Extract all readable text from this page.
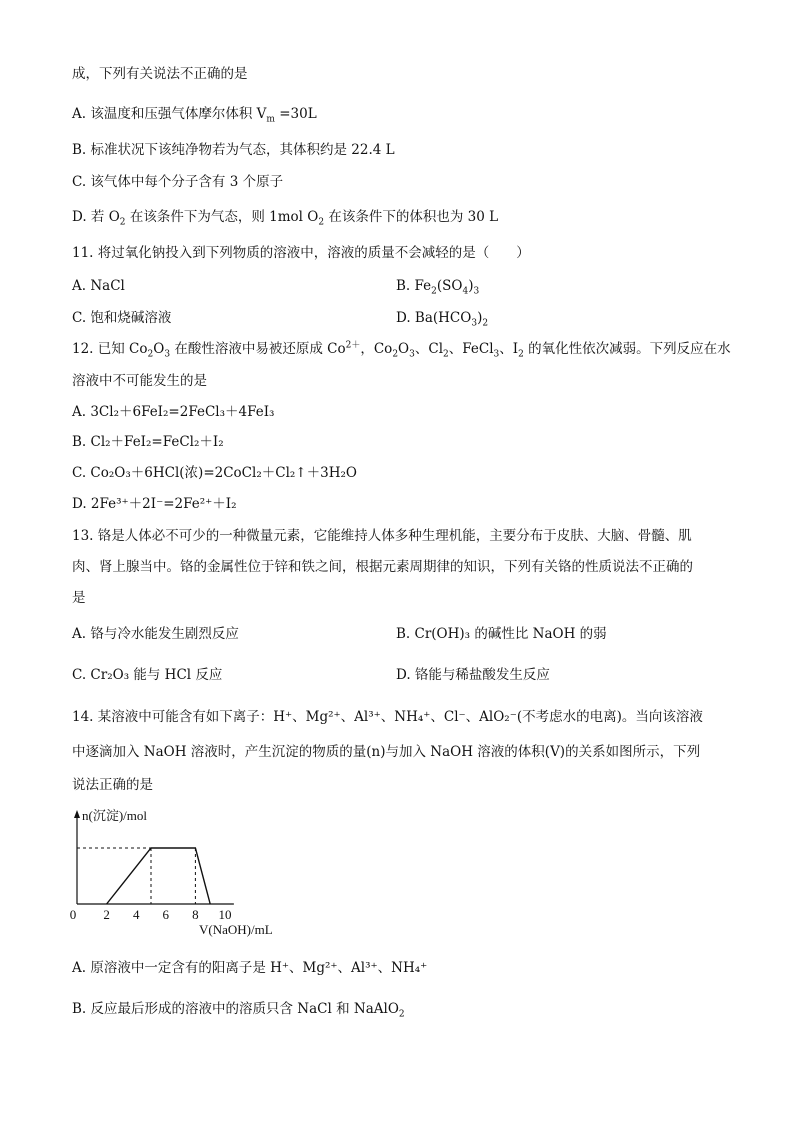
成，下列有关说法不正确的是
A. 该温度和压强气体摩尔体积 $V_m =30L$
B. 标准状况下该纯净物若为气态，其体积约是 22.4 L
C. 该气体中每个分子含有 3 个原子
D. 若 $O_2$ 在该条件下为气态，则 1mol $O_2$ 在该条件下的体积也为 30 L
11. 将过氧化钠投入到下列物质的溶液中，溶液的质量不会减轻的是（　　）
A. NaCl	B. $Fe_2(SO_4)_3$
C. 饱和烧碱溶液	D. $Ba(HCO_3)_2$
12. 已知 $Co_2O_3$ 在酸性溶液中易被还原成 $Co^{2+}$，$Co_2O_3$、$Cl_2$、FeCl$_3$、$I_2$ 的氧化性依次减弱。下列反应在水
溶液中不可能发生的是
A. 3Cl₂＋6FeI₂=2FeCl₃＋4FeI₃
B. Cl₂＋FeI₂=FeCl₂＋I₂
C. Co₂O₃＋6HCl(浓)=2CoCl₂＋Cl₂↑＋3H₂O
D. 2Fe³⁺＋2I⁻=2Fe²⁺＋I₂
13. 铬是人体必不可少的一种微量元素，它能维持人体多种生理机能，主要分布于皮肤、大脑、骨髓、肌
肉、肾上腺当中。铬的金属性位于锌和铁之间，根据元素周期律的知识，下列有关铬的性质说法不正确的
是
A. 铬与冷水能发生剧烈反应	B. Cr(OH)₃ 的碱性比 NaOH 的弱
C. Cr₂O₃ 能与 HCl 反应	D. 铬能与稀盐酸发生反应
14. 某溶液中可能含有如下离子：H⁺、Mg²⁺、Al³⁺、NH₄⁺、Cl⁻、AlO₂⁻(不考虑水的电离)。当向该溶液
中逐滴加入 NaOH 溶液时，产生沉淀的物质的量(n)与加入 NaOH 溶液的体积(V)的关系如图所示，下列
说法正确的是
0 2 4 6 8 10
n(沉淀)/mol
V(NaOH)/mL
A. 原溶液中一定含有的阳离子是 H⁺、Mg²⁺、Al³⁺、NH₄⁺
B. 反应最后形成的溶液中的溶质只含 NaCl 和 NaAlO$_2$
